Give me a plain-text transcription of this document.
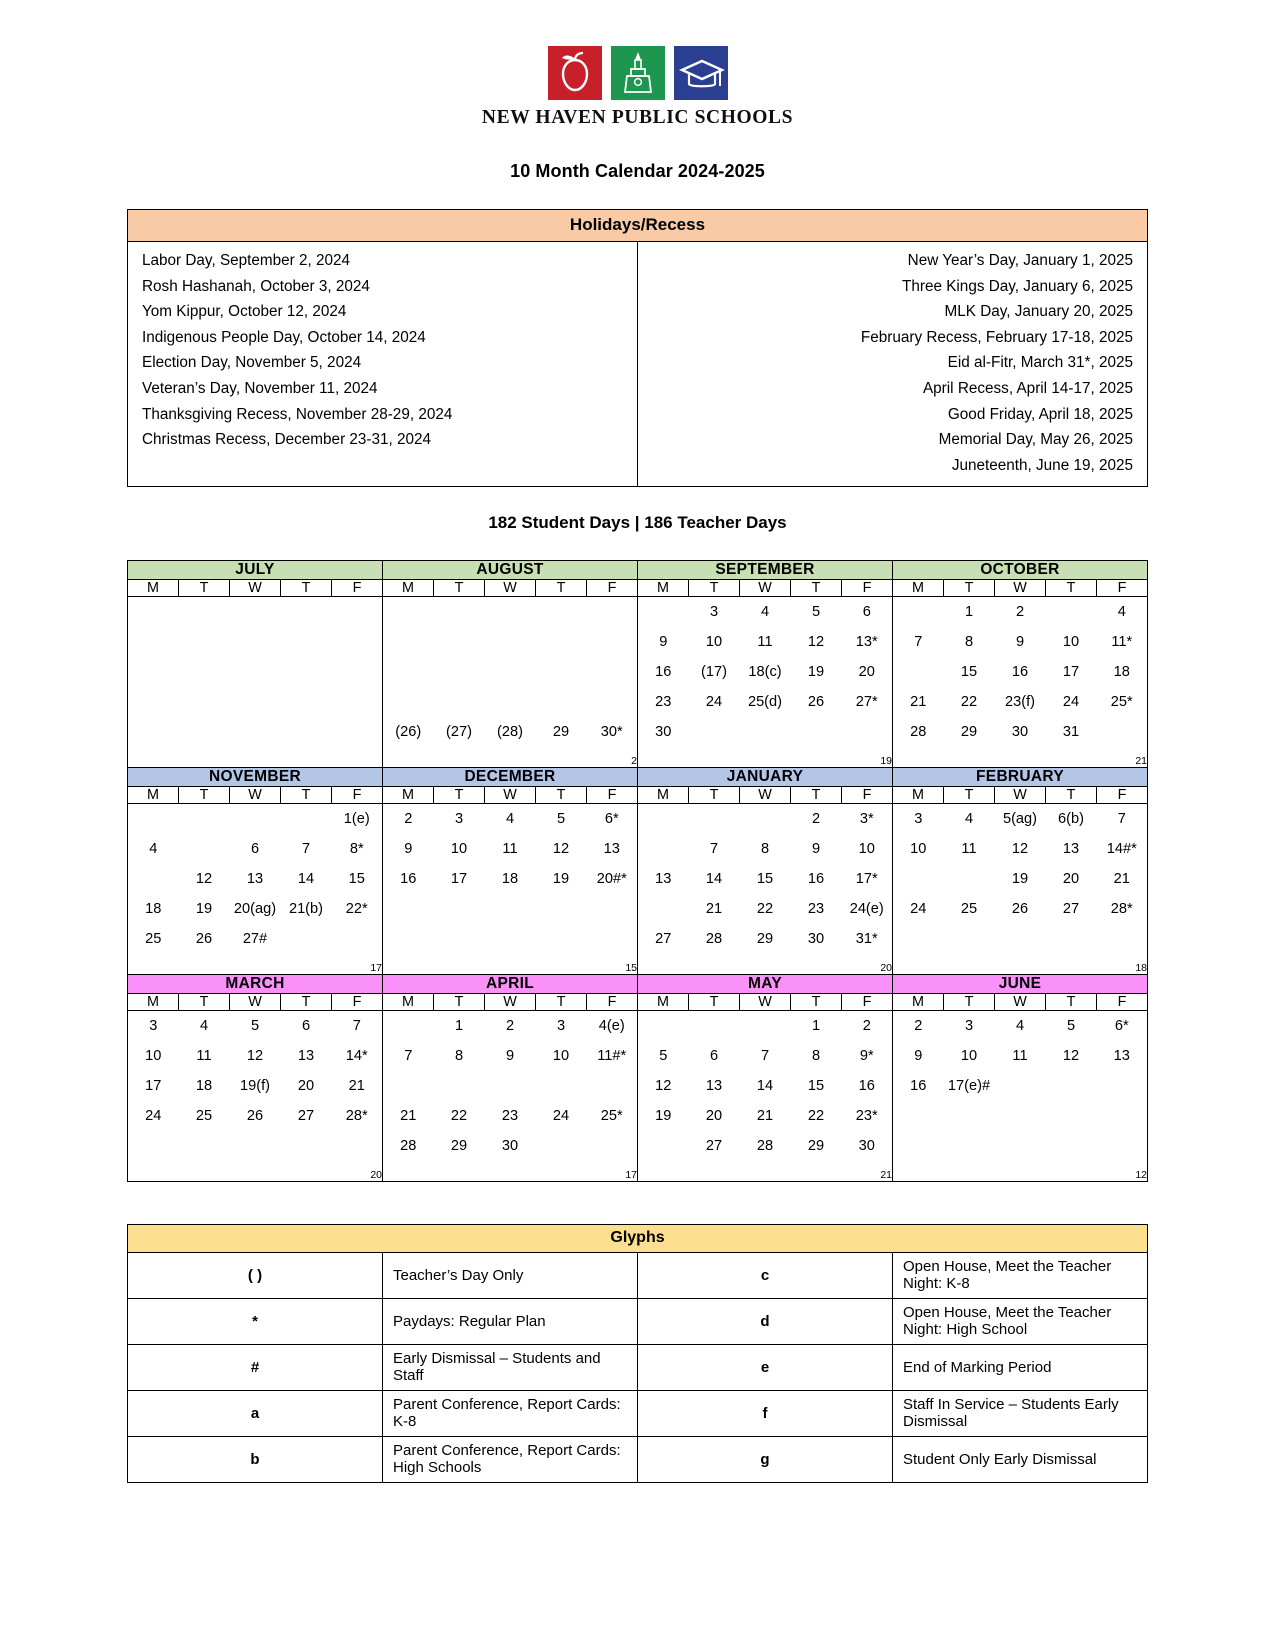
NEW HAVEN PUBLIC SCHOOLS
10 Month Calendar 2024-2025
Holidays/Recess

Labor Day, September 2, 2024
Rosh Hashanah, October 3, 2024
Yom Kippur, October 12, 2024
Indigenous People Day, October 14, 2024
Election Day, November 5, 2024
Veteran’s Day, November 11, 2024
Thanksgiving Recess, November 28-29, 2024
Christmas Recess, December 23-31, 2024

New Year’s Day, January 1, 2025
Three Kings Day, January 6, 2025
MLK Day, January 20, 2025
February Recess, February 17-18, 2025
Eid al-Fitr, March 31*, 2025
April Recess, April 14-17, 2025
Good Friday, April 18, 2025
Memorial Day, May 26, 2025
Juneteenth, June 19, 2025
182 Student Days | 186 Teacher Days
JULY					AUGUST					SEPTEMBER					OCTOBER				
M	T	W	T	F	M	T	W	T	F	M	T	W	T	F	M	T	W	T	F
											3	4	5	6		1	2		4
										9	10	11	12	13*	7	8	9	10	11*
										16	(17)	18(c)	19	20		15	16	17	18
										23	24	25(d)	26	27*	21	22	23(f)	24	25*
					(26)	(27)	(28)	29	30*	30					28	29	30	31	
					2					19					21				
NOVEMBER					DECEMBER					JANUARY					FEBRUARY				
M	T	W	T	F	M	T	W	T	F	M	T	W	T	F	M	T	W	T	F
				1(e)	2	3	4	5	6*				2	3*	3	4	5(ag)	6(b)	7
4		6	7	8*	9	10	11	12	13		7	8	9	10	10	11	12	13	14#*
	12	13	14	15	16	17	18	19	20#*	13	14	15	16	17*			19	20	21
18	19	20(ag)	21(b)	22*							21	22	23	24(e)	24	25	26	27	28*
25	26	27#								27	28	29	30	31*					
17					15					20					18				
MARCH					APRIL					MAY					JUNE				
M	T	W	T	F	M	T	W	T	F	M	T	W	T	F	M	T	W	T	F
3	4	5	6	7		1	2	3	4(e)				1	2	2	3	4	5	6*
10	11	12	13	14*	7	8	9	10	11#*	5	6	7	8	9*	9	10	11	12	13
17	18	19(f)	20	21						12	13	14	15	16	16	17(e)#			
24	25	26	27	28*	21	22	23	24	25*	19	20	21	22	23*					
					28	29	30				27	28	29	30					
20					17					21					12				
Glyphs			
( )	Teacher’s Day Only	c	Open House, Meet the Teacher Night: K-8
*	Paydays: Regular Plan	d	Open House, Meet the Teacher Night: High School
#	Early Dismissal – Students and Staff	e	End of Marking Period
a	Parent Conference, Report Cards: K-8	f	Staff In Service – Students Early Dismissal
b	Parent Conference, Report Cards: High Schools	g	Student Only Early Dismissal
